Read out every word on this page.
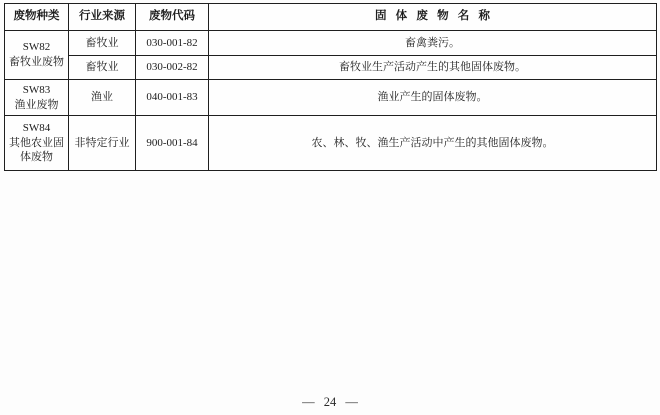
废物种类	行业来源	废物代码	固体废物名称

SW82
畜牧业废物	畜牧业	030-001-82	畜禽粪污。
	畜牧业	030-002-82	畜牧业生产活动产生的其他固体废物。

SW83
渔业废物	渔业	040-001-83	渔业产生的固体废物。

SW84
其他农业固体废物	非特定行业	900-001-84	农、林、牧、渔生产活动中产生的其他固体废物。
— 24 —
